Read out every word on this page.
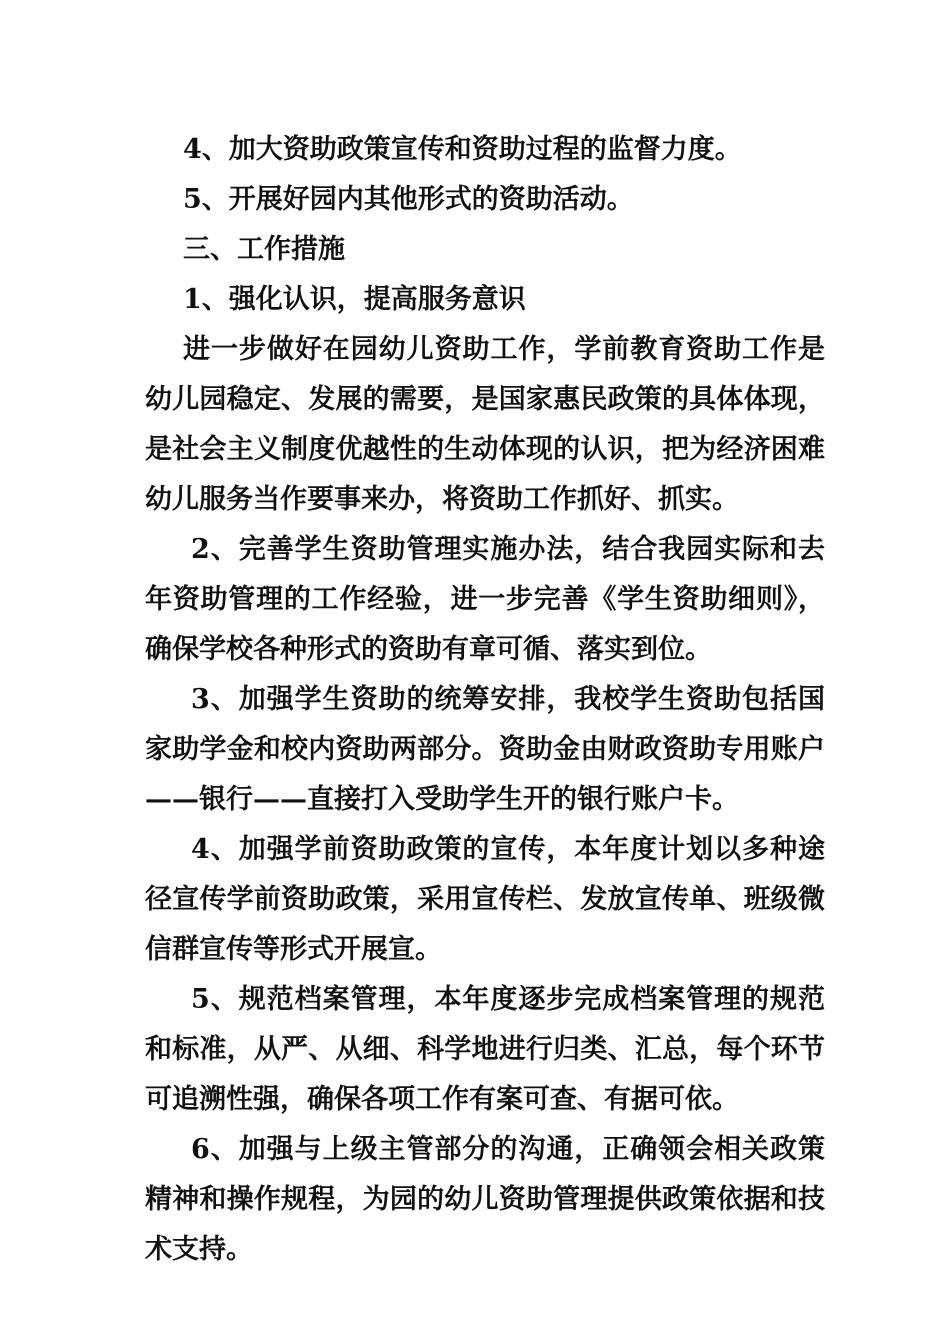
4、加大资助政策宣传和资助过程的监督力度。

5、开展好园内其他形式的资助活动。

三、工作措施

1、强化认识，提高服务意识

进一步做好在园幼儿资助工作，学前教育资助工作是幼儿园稳定、发展的需要，是国家惠民政策的具体体现，是社会主义制度优越性的生动体现的认识，把为经济困难幼儿服务当作要事来办，将资助工作抓好、抓实。

2、完善学生资助管理实施办法，结合我园实际和去年资助管理的工作经验，进一步完善《学生资助细则》，确保学校各种形式的资助有章可循、落实到位。

3、加强学生资助的统筹安排，我校学生资助包括国家助学金和校内资助两部分。资助金由财政资助专用账户——银行——直接打入受助学生开的银行账户卡。

4、加强学前资助政策的宣传，本年度计划以多种途径宣传学前资助政策，采用宣传栏、发放宣传单、班级微信群宣传等形式开展宣。

5、规范档案管理，本年度逐步完成档案管理的规范和标准，从严、从细、科学地进行归类、汇总，每个环节可追溯性强，确保各项工作有案可查、有据可依。

6、加强与上级主管部分的沟通，正确领会相关政策精神和操作规程，为园的幼儿资助管理提供政策依据和技术支持。
